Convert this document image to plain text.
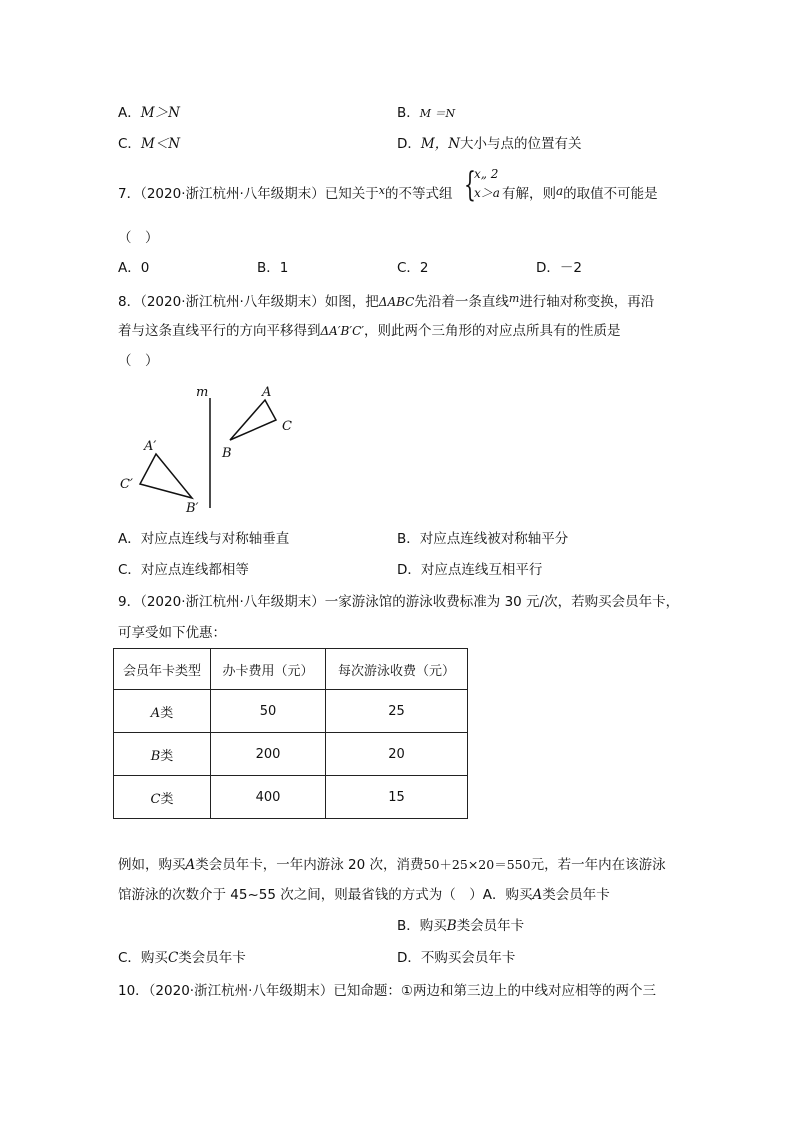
A．M＞N	B．M ＝N
C．M＜N	D．M，N大小与点的位置有关
7．（2020·浙江杭州·八年级期末）已知关于$^x$的不等式组 {
x„ 2
x＞a 有解，则a的取值不可能是
（　）
A．0	B．1	C．2	D．－2
8．（2020·浙江杭州·八年级期末）如图，把ΔABC先沿着一条直线$^m$进行轴对称变换，再沿
着与这条直线平行的方向平移得到ΔA′B′C′，则此两个三角形的对应点所具有的性质是
（　）
m	A
B
C
A′
C′
B′
A．对应点连线与对称轴垂直	B．对应点连线被对称轴平分
C．对应点连线都相等	D．对应点连线互相平行
9．（2020·浙江杭州·八年级期末）一家游泳馆的游泳收费标准为 30 元/次，若购买会员年卡，
可享受如下优惠：
会员年卡类型	办卡费用（元）	每次游泳收费（元）
A类	50	25
B类	200	20
C类	400	15
例如，购买A类会员年卡，一年内游泳 20 次，消费50＋25×20＝550元，若一年内在该游泳
馆游泳的次数介于 45~55 次之间，则最省钱的方式为（　）A．购买A类会员年卡
B．购买B类会员年卡
C．购买C类会员年卡	D．不购买会员年卡
10．（2020·浙江杭州·八年级期末）已知命题：①两边和第三边上的中线对应相等的两个三
